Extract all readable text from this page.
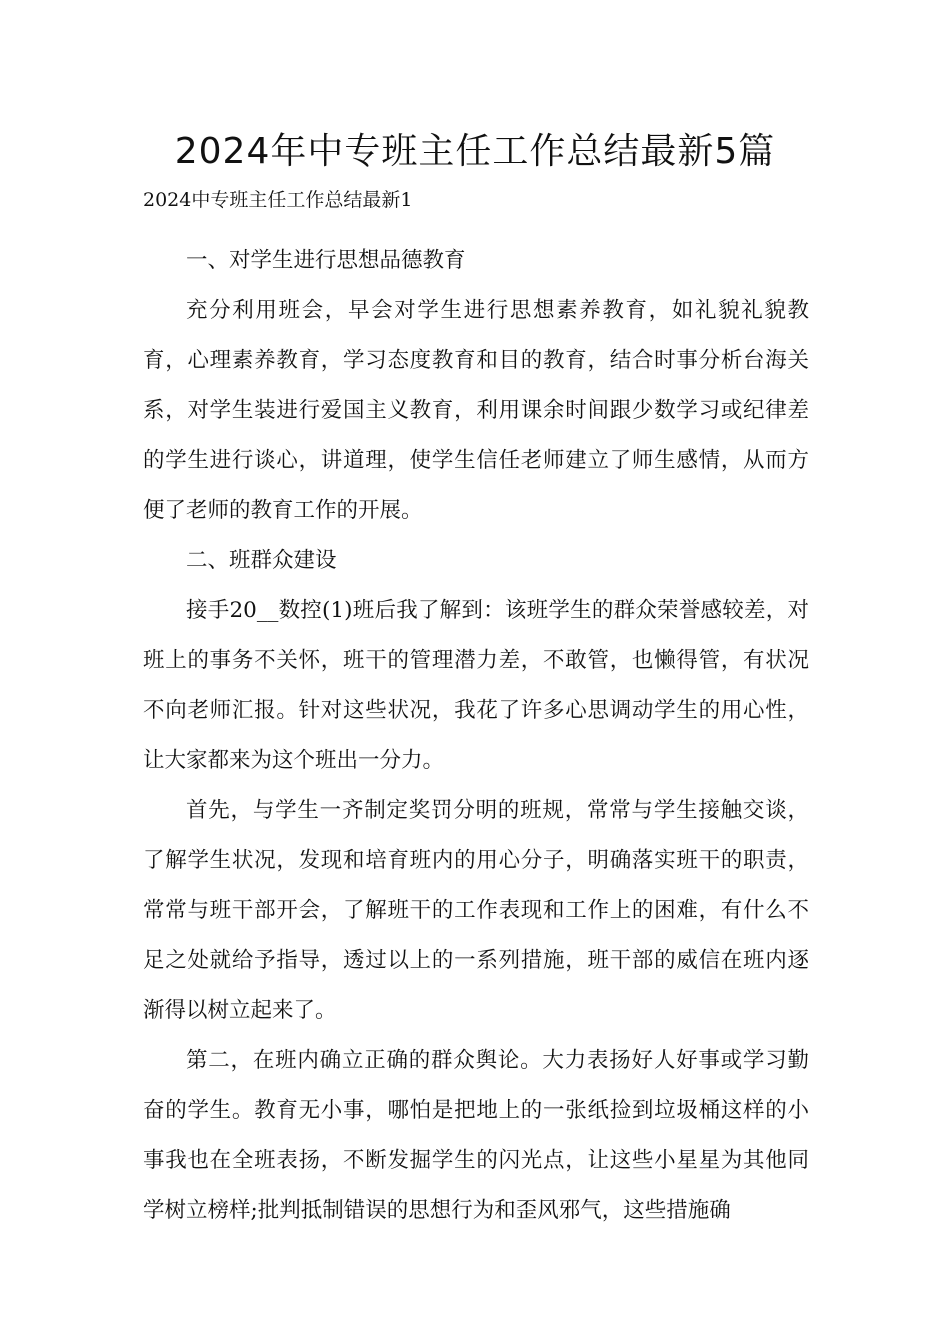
2024年中专班主任工作总结最新5篇

2024中专班主任工作总结最新1

一、对学生进行思想品德教育

充分利用班会，早会对学生进行思想素养教育，如礼貌礼貌教育，心理素养教育，学习态度教育和目的教育，结合时事分析台海关系，对学生装进行爱国主义教育，利用课余时间跟少数学习或纪律差的学生进行谈心，讲道理，使学生信任老师建立了师生感情，从而方便了老师的教育工作的开展。

二、班群众建设

接手20__数控(1)班后我了解到：该班学生的群众荣誉感较差，对班上的事务不关怀，班干的管理潜力差，不敢管，也懒得管，有状况不向老师汇报。针对这些状况，我花了许多心思调动学生的用心性，让大家都来为这个班出一分力。

首先，与学生一齐制定奖罚分明的班规，常常与学生接触交谈，了解学生状况，发现和培育班内的用心分子，明确落实班干的职责，常常与班干部开会，了解班干的工作表现和工作上的困难，有什么不足之处就给予指导，透过以上的一系列措施，班干部的威信在班内逐渐得以树立起来了。

第二，在班内确立正确的群众舆论。大力表扬好人好事或学习勤奋的学生。教育无小事，哪怕是把地上的一张纸捡到垃圾桶这样的小事我也在全班表扬，不断发掘学生的闪光点，让这些小星星为其他同学树立榜样;批判抵制错误的思想行为和歪风邪气，这些措施确
